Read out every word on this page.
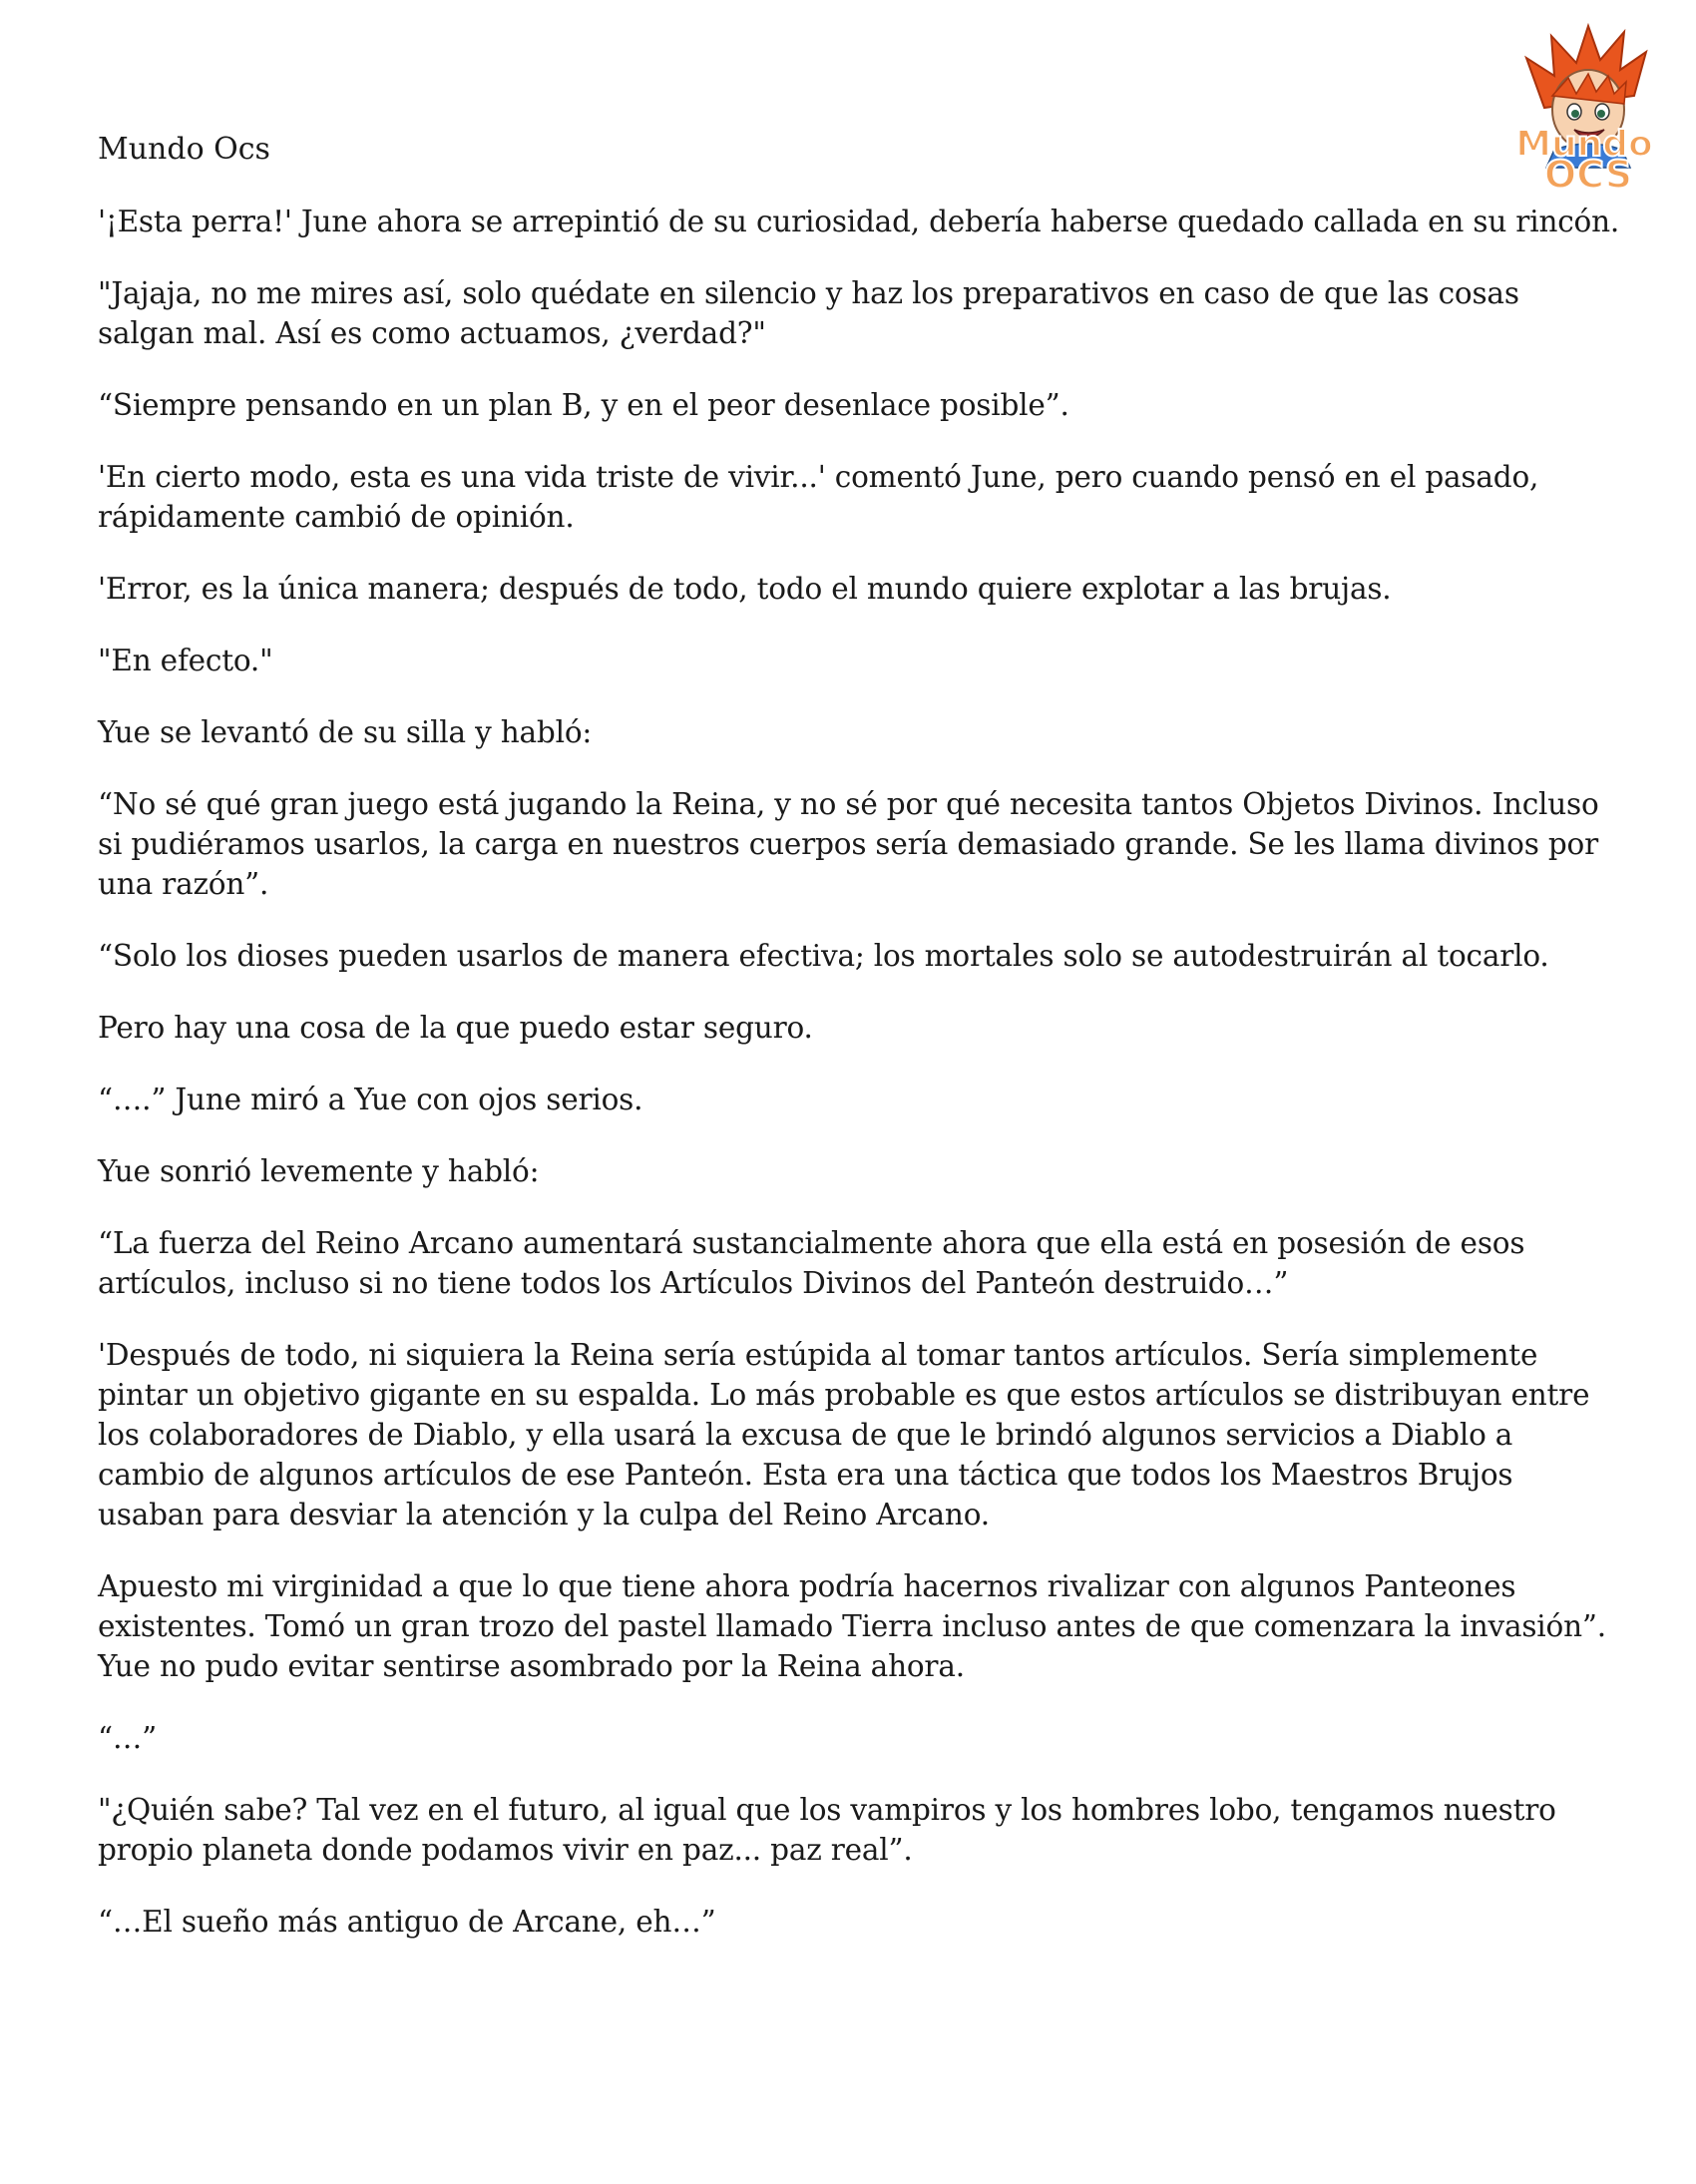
Mundo
OCS
Mundo Ocs

'¡Esta perra!' June ahora se arrepintió de su curiosidad, debería haberse quedado callada en su rincón.

"Jajaja, no me mires así, solo quédate en silencio y haz los preparativos en caso de que las cosas salgan mal. Así es como actuamos, ¿verdad?"

“Siempre pensando en un plan B, y en el peor desenlace posible”.

'En cierto modo, esta es una vida triste de vivir...' comentó June, pero cuando pensó en el pasado, rápidamente cambió de opinión.

'Error, es la única manera; después de todo, todo el mundo quiere explotar a las brujas.

"En efecto."

Yue se levantó de su silla y habló:

“No sé qué gran juego está jugando la Reina, y no sé por qué necesita tantos Objetos Divinos. Incluso si pudiéramos usarlos, la carga en nuestros cuerpos sería demasiado grande. Se les llama divinos por una razón”.

“Solo los dioses pueden usarlos de manera efectiva; los mortales solo se autodestruirán al tocarlo.

Pero hay una cosa de la que puedo estar seguro.

“….” June miró a Yue con ojos serios.

Yue sonrió levemente y habló:

“La fuerza del Reino Arcano aumentará sustancialmente ahora que ella está en posesión de esos artículos, incluso si no tiene todos los Artículos Divinos del Panteón destruido…”

'Después de todo, ni siquiera la Reina sería estúpida al tomar tantos artículos. Sería simplemente pintar un objetivo gigante en su espalda. Lo más probable es que estos artículos se distribuyan entre los colaboradores de Diablo, y ella usará la excusa de que le brindó algunos servicios a Diablo a cambio de algunos artículos de ese Panteón. Esta era una táctica que todos los Maestros Brujos usaban para desviar la atención y la culpa del Reino Arcano.

Apuesto mi virginidad a que lo que tiene ahora podría hacernos rivalizar con algunos Panteones existentes. Tomó un gran trozo del pastel llamado Tierra incluso antes de que comenzara la invasión”. Yue no pudo evitar sentirse asombrado por la Reina ahora.

“…”

"¿Quién sabe? Tal vez en el futuro, al igual que los vampiros y los hombres lobo, tengamos nuestro propio planeta donde podamos vivir en paz... paz real”.

“…El sueño más antiguo de Arcane, eh…”
